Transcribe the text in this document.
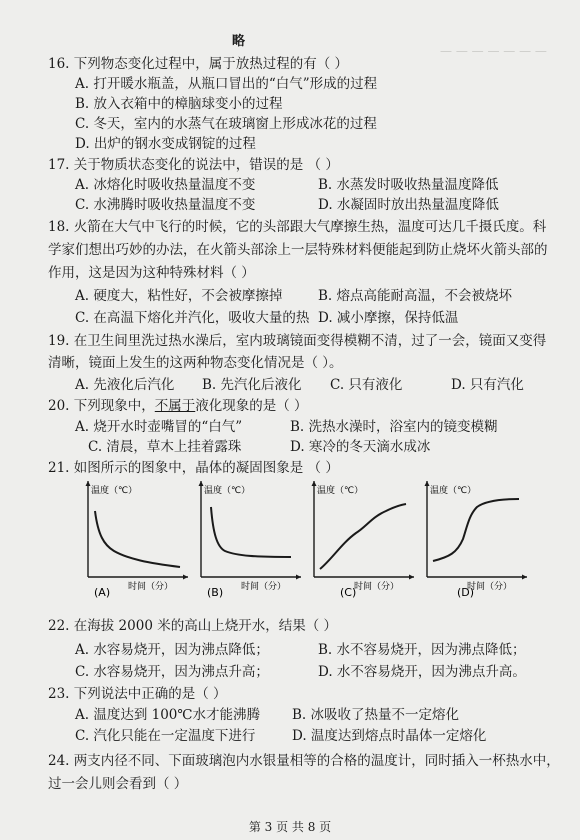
略
— — — — — — —
16. 下列物态变化过程中，属于放热过程的有（ ）
A. 打开暖水瓶盖，从瓶口冒出的“白气”形成的过程
B. 放入衣箱中的樟脑球变小的过程
C. 冬天，室内的水蒸气在玻璃窗上形成冰花的过程
D. 出炉的钢水变成钢锭的过程
17. 关于物质状态变化的说法中，错误的是 （ ）
A. 冰熔化时吸收热量温度不变	B. 水蒸发时吸收热量温度降低
C. 水沸腾时吸收热量温度不变	D. 水凝固时放出热量温度降低
18. 火箭在大气中飞行的时候，它的头部跟大气摩擦生热，温度可达几千摄氏度。科
学家们想出巧妙的办法，在火箭头部涂上一层特殊材料便能起到防止烧坏火箭头部的
作用，这是因为这种特殊材料（ ）
A. 硬度大，粘性好，不会被摩擦掉	B. 熔点高能耐高温，不会被烧坏
C. 在高温下熔化并汽化，吸收大量的热 D. 减小摩擦，保持低温
19. 在卫生间里洗过热水澡后，室内玻璃镜面变得模糊不清，过了一会，镜面又变得
清晰，镜面上发生的这两种物态变化情况是（ ）。
A. 先液化后汽化 B. 先汽化后液化 C. 只有液化	D. 只有汽化
20. 下列现象中，不属于液化现象的是（ ）
A. 烧开水时壶嘴冒的“白气”	B. 洗热水澡时，浴室内的镜变模糊
C. 清晨，草木上挂着露珠	D. 寒冷的冬天滴水成冰
21. 如图所示的图象中，晶体的凝固图象是 （ ）
温度（℃）
时间（分）
(A)
温度（℃）
时间（分）
(B)
温度（℃）
时间（分）
(C)
温度（℃）
时间（分）
(D)
22. 在海拔 2000 米的高山上烧开水，结果（ ）
A. 水容易烧开，因为沸点降低；	B. 水不容易烧开，因为沸点降低；
C. 水容易烧开，因为沸点升高；	D. 水不容易烧开，因为沸点升高。
23. 下列说法中正确的是（ ）
A. 温度达到 100℃水才能沸腾 B. 冰吸收了热量不一定熔化
C. 汽化只能在一定温度下进行	D. 温度达到熔点时晶体一定熔化
24. 两支内径不同、下面玻璃泡内水银量相等的合格的温度计，同时插入一杯热水中，
过一会儿则会看到（ ）
第 3 页 共 8 页
